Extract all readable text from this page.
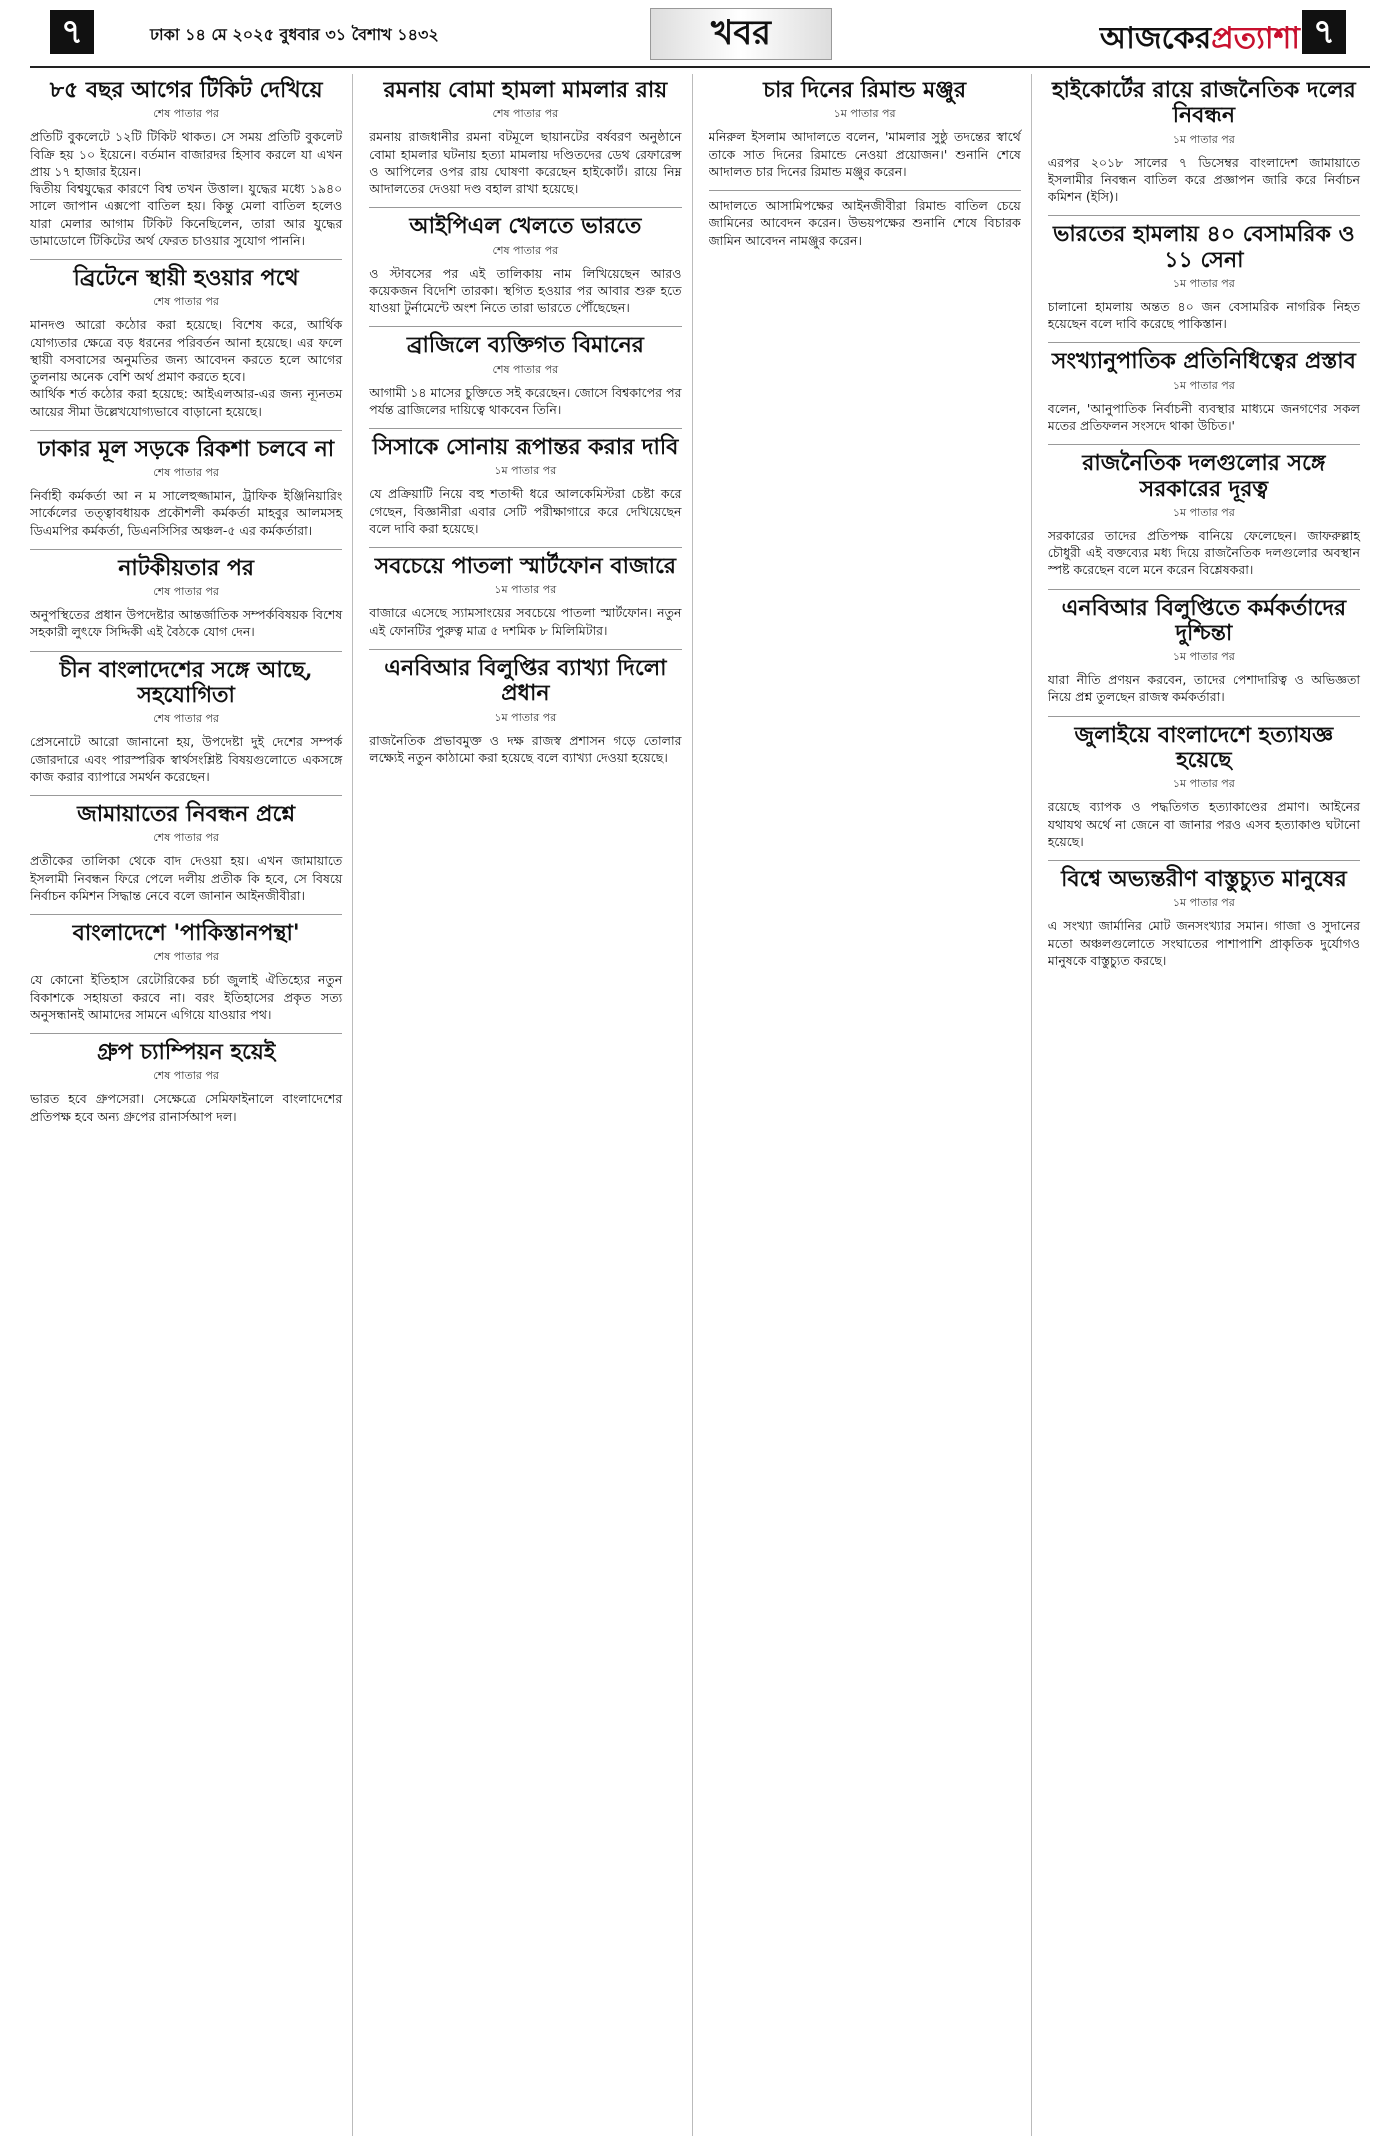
৭	ঢাকা ১৪ মে ২০২৫ বুধবার ৩১ বৈশাখ ১৪৩২	খবর	আজকেরপ্রত্যাশা ৭
৮৫ বছর আগের টিকিট দেখিয়ে
শেষ পাতার পর

প্রতিটি বুকলেটে ১২টি টিকিট থাকত। সে সময় প্রতিটি বুকলেট বিক্রি হয় ১০ ইয়েনে। বর্তমান বাজারদর হিসাব করলে যা এখন প্রায় ১৭ হাজার ইয়েন।
দ্বিতীয় বিশ্বযুদ্ধের কারণে বিশ্ব তখন উত্তাল। যুদ্ধের মধ্যে ১৯৪০ সালে জাপান এক্সপো বাতিল হয়। কিন্তু মেলা বাতিল হলেও যারা মেলার আগাম টিকিট কিনেছিলেন, তারা আর যুদ্ধের ডামাডোলে টিকিটের অর্থ ফেরত চাওয়ার সুযোগ পাননি।

ব্রিটেনে স্থায়ী হওয়ার পথে
শেষ পাতার পর

মানদণ্ড আরো কঠোর করা হয়েছে। বিশেষ করে, আর্থিক যোগ্যতার ক্ষেত্রে বড় ধরনের পরিবর্তন আনা হয়েছে। এর ফলে স্থায়ী বসবাসের অনুমতির জন্য আবেদন করতে হলে আগের তুলনায় অনেক বেশি অর্থ প্রমাণ করতে হবে।
আর্থিক শর্ত কঠোর করা হয়েছে: আইএলআর-এর জন্য ন্যূনতম আয়ের সীমা উল্লেখযোগ্যভাবে বাড়ানো হয়েছে।

ঢাকার মূল সড়কে রিকশা চলবে না
শেষ পাতার পর

নির্বাহী কর্মকর্তা আ ন ম সালেহুজ্জামান, ট্রাফিক ইঞ্জিনিয়ারিং সার্কেলের তত্ত্বাবধায়ক প্রকৌশলী কর্মকর্তা মাহবুর আলমসহ ডিএমপির কর্মকর্তা, ডিএনসিসির অঞ্চল-৫ এর কর্মকর্তারা।

নাটকীয়তার পর
শেষ পাতার পর

অনুপস্থিতের প্রধান উপদেষ্টার আন্তর্জাতিক সম্পর্কবিষয়ক বিশেষ সহকারী লুৎফে সিদ্দিকী এই বৈঠকে যোগ দেন।

চীন বাংলাদেশের সঙ্গে আছে, সহযোগিতা
শেষ পাতার পর

প্রেসনোটে আরো জানানো হয়, উপদেষ্টা দুই দেশের সম্পর্ক জোরদারে এবং পারস্পরিক স্বার্থসংশ্লিষ্ট বিষয়গুলোতে একসঙ্গে কাজ করার ব্যাপারে সমর্থন করেছেন।

জামায়াতের নিবন্ধন প্রশ্নে
শেষ পাতার পর

প্রতীকের তালিকা থেকে বাদ দেওয়া হয়। এখন জামায়াতে ইসলামী নিবন্ধন ফিরে পেলে দলীয় প্রতীক কি হবে, সে বিষয়ে নির্বাচন কমিশন সিদ্ধান্ত নেবে বলে জানান আইনজীবীরা।

বাংলাদেশে 'পাকিস্তানপন্থা'
শেষ পাতার পর

যে কোনো ইতিহাস রেটোরিকের চর্চা জুলাই ঐতিহ্যের নতুন বিকাশকে সহায়তা করবে না। বরং ইতিহাসের প্রকৃত সত্য অনুসন্ধানই আমাদের সামনে এগিয়ে যাওয়ার পথ।

গ্রুপ চ্যাম্পিয়ন হয়েই
শেষ পাতার পর

ভারত হবে গ্রুপসেরা। সেক্ষেত্রে সেমিফাইনালে বাংলাদেশের প্রতিপক্ষ হবে অন্য গ্রুপের রানার্সআপ দল।

রমনায় বোমা হামলা মামলার রায়
শেষ পাতার পর

রমনায় রাজধানীর রমনা বটমূলে ছায়ানটের বর্ষবরণ অনুষ্ঠানে বোমা হামলার ঘটনায় হত্যা মামলায় দণ্ডিতদের ডেথ রেফারেন্স ও আপিলের ওপর রায় ঘোষণা করেছেন হাইকোর্ট। রায়ে নিম্ন আদালতের দেওয়া দণ্ড বহাল রাখা হয়েছে।

আইপিএল খেলতে ভারতে
শেষ পাতার পর

ও স্টাবসের পর এই তালিকায় নাম লিখিয়েছেন আরও কয়েকজন বিদেশি তারকা। স্থগিত হওয়ার পর আবার শুরু হতে যাওয়া টুর্নামেন্টে অংশ নিতে তারা ভারতে পৌঁছেছেন।

ব্রাজিলে ব্যক্তিগত বিমানের
শেষ পাতার পর

আগামী ১৪ মাসের চুক্তিতে সই করেছেন। জোসে বিশ্বকাপের পর পর্যন্ত ব্রাজিলের দায়িত্বে থাকবেন তিনি।

সিসাকে সোনায় রূপান্তর করার দাবি
১ম পাতার পর

যে প্রক্রিয়াটি নিয়ে বহু শতাব্দী ধরে আলকেমিস্টরা চেষ্টা করে গেছেন, বিজ্ঞানীরা এবার সেটি পরীক্ষাগারে করে দেখিয়েছেন বলে দাবি করা হয়েছে।

সবচেয়ে পাতলা স্মার্টফোন বাজারে
১ম পাতার পর

বাজারে এসেছে স্যামসাংয়ের সবচেয়ে পাতলা স্মার্টফোন। নতুন এই ফোনটির পুরুত্ব মাত্র ৫ দশমিক ৮ মিলিমিটার।

এনবিআর বিলুপ্তির ব্যাখ্যা দিলো প্রধান
১ম পাতার পর

রাজনৈতিক প্রভাবমুক্ত ও দক্ষ রাজস্ব প্রশাসন গড়ে তোলার লক্ষ্যেই নতুন কাঠামো করা হয়েছে বলে ব্যাখ্যা দেওয়া হয়েছে।

চার দিনের রিমান্ড মঞ্জুর
১ম পাতার পর

মনিরুল ইসলাম আদালতে বলেন, 'মামলার সুষ্ঠু তদন্তের স্বার্থে তাকে সাত দিনের রিমান্ডে নেওয়া প্রয়োজন।' শুনানি শেষে আদালত চার দিনের রিমান্ড মঞ্জুর করেন।

আদালতে আসামিপক্ষের আইনজীবীরা রিমান্ড বাতিল চেয়ে জামিনের আবেদন করেন। উভয়পক্ষের শুনানি শেষে বিচারক জামিন আবেদন নামঞ্জুর করেন।

হাইকোর্টের রায়ে রাজনৈতিক দলের নিবন্ধন
১ম পাতার পর

এরপর ২০১৮ সালের ৭ ডিসেম্বর বাংলাদেশ জামায়াতে ইসলামীর নিবন্ধন বাতিল করে প্রজ্ঞাপন জারি করে নির্বাচন কমিশন (ইসি)।

ভারতের হামলায় ৪০ বেসামরিক ও ১১ সেনা
১ম পাতার পর

চালানো হামলায় অন্তত ৪০ জন বেসামরিক নাগরিক নিহত হয়েছেন বলে দাবি করেছে পাকিস্তান।

সংখ্যানুপাতিক প্রতিনিধিত্বের প্রস্তাব
১ম পাতার পর

বলেন, 'আনুপাতিক নির্বাচনী ব্যবস্থার মাধ্যমে জনগণের সকল মতের প্রতিফলন সংসদে থাকা উচিত।'

রাজনৈতিক দলগুলোর সঙ্গে সরকারের দূরত্ব
১ম পাতার পর

সরকারের তাদের প্রতিপক্ষ বানিয়ে ফেলেছেন। জাফরুল্লাহ চৌধুরী এই বক্তব্যের মধ্য দিয়ে রাজনৈতিক দলগুলোর অবস্থান স্পষ্ট করেছেন বলে মনে করেন বিশ্লেষকরা।

এনবিআর বিলুপ্তিতে কর্মকর্তাদের দুশ্চিন্তা
১ম পাতার পর

যারা নীতি প্রণয়ন করবেন, তাদের পেশাদারিত্ব ও অভিজ্ঞতা নিয়ে প্রশ্ন তুলছেন রাজস্ব কর্মকর্তারা।

জুলাইয়ে বাংলাদেশে হত্যাযজ্ঞ হয়েছে
১ম পাতার পর

রয়েছে ব্যাপক ও পদ্ধতিগত হত্যাকাণ্ডের প্রমাণ। আইনের যথাযথ অর্থে না জেনে বা জানার পরও এসব হত্যাকাণ্ড ঘটানো হয়েছে।

বিশ্বে অভ্যন্তরীণ বাস্তুচ্যুত মানুষের
১ম পাতার পর

এ সংখ্যা জার্মানির মোট জনসংখ্যার সমান। গাজা ও সুদানের মতো অঞ্চলগুলোতে সংঘাতের পাশাপাশি প্রাকৃতিক দুর্যোগও মানুষকে বাস্তুচ্যুত করছে।
